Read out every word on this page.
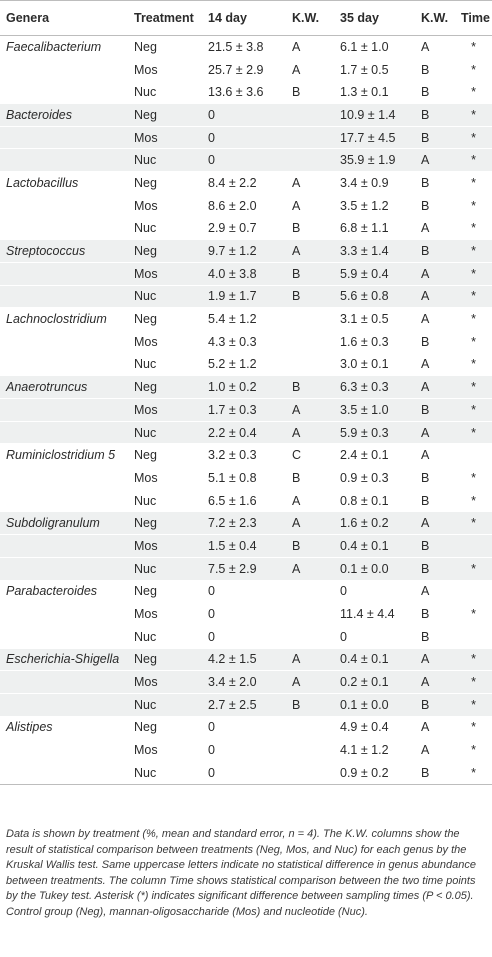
Genera	Treatment	14 day	K.W.	35 day	K.W.	Time
Faecalibacterium	Neg	21.5 ± 3.8	A	6.1 ± 1.0	A	*
	Mos	25.7 ± 2.9	A	1.7 ± 0.5	B	*
	Nuc	13.6 ± 3.6	B	1.3 ± 0.1	B	*
Bacteroides	Neg	0		10.9 ± 1.4	B	*
	Mos	0		17.7 ± 4.5	B	*
	Nuc	0		35.9 ± 1.9	A	*
Lactobacillus	Neg	8.4 ± 2.2	A	3.4 ± 0.9	B	*
	Mos	8.6 ± 2.0	A	3.5 ± 1.2	B	*
	Nuc	2.9 ± 0.7	B	6.8 ± 1.1	A	*
Streptococcus	Neg	9.7 ± 1.2	A	3.3 ± 1.4	B	*
	Mos	4.0 ± 3.8	B	5.9 ± 0.4	A	*
	Nuc	1.9 ± 1.7	B	5.6 ± 0.8	A	*
Lachnoclostridium	Neg	5.4 ± 1.2		3.1 ± 0.5	A	*
	Mos	4.3 ± 0.3		1.6 ± 0.3	B	*
	Nuc	5.2 ± 1.2		3.0 ± 0.1	A	*
Anaerotruncus	Neg	1.0 ± 0.2	B	6.3 ± 0.3	A	*
	Mos	1.7 ± 0.3	A	3.5 ± 1.0	B	*
	Nuc	2.2 ± 0.4	A	5.9 ± 0.3	A	*
Ruminiclostridium 5	Neg	3.2 ± 0.3	C	2.4 ± 0.1	A	
	Mos	5.1 ± 0.8	B	0.9 ± 0.3	B	*
	Nuc	6.5 ± 1.6	A	0.8 ± 0.1	B	*
Subdoligranulum	Neg	7.2 ± 2.3	A	1.6 ± 0.2	A	*
	Mos	1.5 ± 0.4	B	0.4 ± 0.1	B	
	Nuc	7.5 ± 2.9	A	0.1 ± 0.0	B	*
Parabacteroides	Neg	0		0	A	
	Mos	0		11.4 ± 4.4	B	*
	Nuc	0		0	B	
Escherichia-Shigella	Neg	4.2 ± 1.5	A	0.4 ± 0.1	A	*
	Mos	3.4 ± 2.0	A	0.2 ± 0.1	A	*
	Nuc	2.7 ± 2.5	B	0.1 ± 0.0	B	*
Alistipes	Neg	0		4.9 ± 0.4	A	*
	Mos	0		4.1 ± 1.2	A	*
	Nuc	0		0.9 ± 0.2	B	*
Data is shown by treatment (%, mean and standard error, n = 4). The K.W. columns show the result of statistical comparison between treatments (Neg, Mos, and Nuc) for each genus by the Kruskal Wallis test. Same uppercase letters indicate no statistical difference in genus abundance between treatments. The column Time shows statistical comparison between the two time points by the Tukey test. Asterisk (*) indicates significant difference between sampling times (P < 0.05). Control group (Neg), mannan-oligosaccharide (Mos) and nucleotide (Nuc).
